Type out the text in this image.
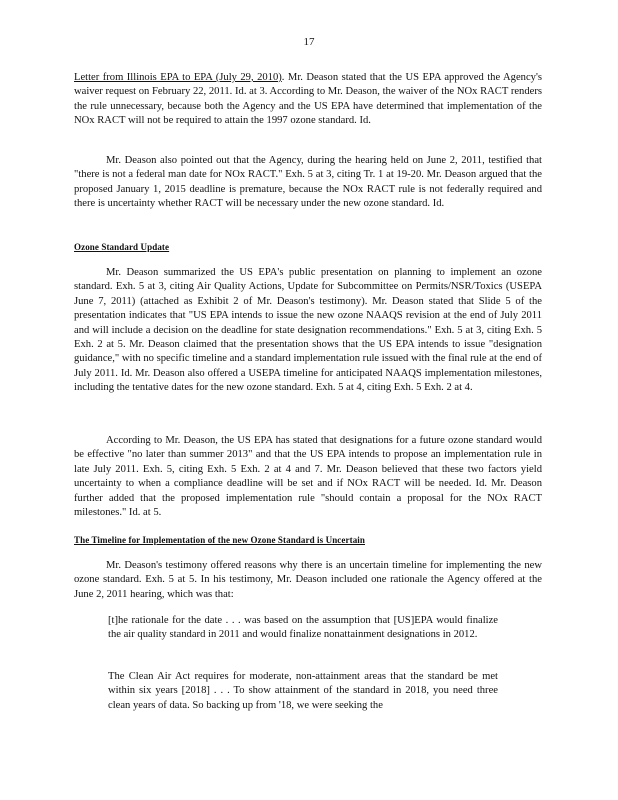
17

Letter from Illinois EPA to EPA (July 29, 2010). Mr. Deason stated that the US EPA approved the Agency's waiver request on February 22, 2011. Id. at 3. According to Mr. Deason, the waiver of the NOx RACT renders the rule unnecessary, because both the Agency and the US EPA have determined that implementation of the NOx RACT will not be required to attain the 1997 ozone standard. Id.

Mr. Deason also pointed out that the Agency, during the hearing held on June 2, 2011, testified that "there is not a federal man date for NOx RACT." Exh. 5 at 3, citing Tr. 1 at 19-20. Mr. Deason argued that the proposed January 1, 2015 deadline is premature, because the NOx RACT rule is not federally required and there is uncertainty whether RACT will be necessary under the new ozone standard. Id.

Ozone Standard Update

Mr. Deason summarized the US EPA's public presentation on planning to implement an ozone standard. Exh. 5 at 3, citing Air Quality Actions, Update for Subcommittee on Permits/NSR/Toxics (USEPA June 7, 2011) (attached as Exhibit 2 of Mr. Deason's testimony). Mr. Deason stated that Slide 5 of the presentation indicates that "US EPA intends to issue the new ozone NAAQS revision at the end of July 2011 and will include a decision on the deadline for state designation recommendations." Exh. 5 at 3, citing Exh. 5 Exh. 2 at 5. Mr. Deason claimed that the presentation shows that the US EPA intends to issue "designation guidance," with no specific timeline and a standard implementation rule issued with the final rule at the end of July 2011. Id. Mr. Deason also offered a USEPA timeline for anticipated NAAQS implementation milestones, including the tentative dates for the new ozone standard. Exh. 5 at 4, citing Exh. 5 Exh. 2 at 4.

According to Mr. Deason, the US EPA has stated that designations for a future ozone standard would be effective "no later than summer 2013" and that the US EPA intends to propose an implementation rule in late July 2011. Exh. 5, citing Exh. 5 Exh. 2 at 4 and 7. Mr. Deason believed that these two factors yield uncertainty to when a compliance deadline will be set and if NOx RACT will be needed. Id. Mr. Deason further added that the proposed implementation rule "should contain a proposal for the NOx RACT milestones." Id. at 5.

The Timeline for Implementation of the new Ozone Standard is Uncertain

Mr. Deason's testimony offered reasons why there is an uncertain timeline for implementing the new ozone standard. Exh. 5 at 5. In his testimony, Mr. Deason included one rationale the Agency offered at the June 2, 2011 hearing, which was that:

[t]he rationale for the date . . . was based on the assumption that [US]EPA would finalize the air quality standard in 2011 and would finalize nonattainment designations in 2012.

The Clean Air Act requires for moderate, non-attainment areas that the standard be met within six years [2018] . . . To show attainment of the standard in 2018, you need three clean years of data. So backing up from '18, we were seeking the
